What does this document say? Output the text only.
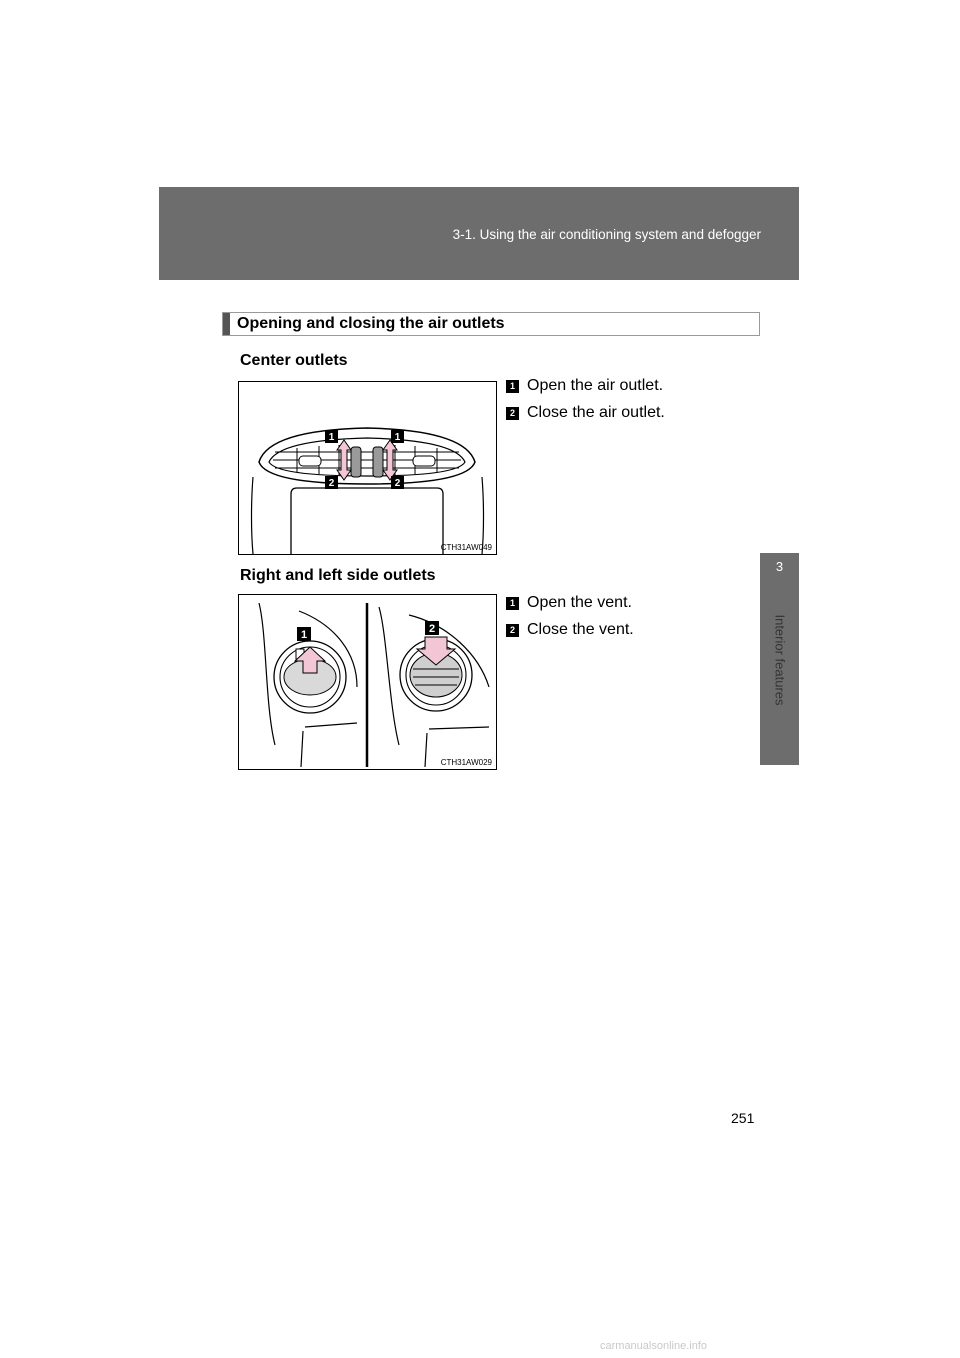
3-1. Using the air conditioning system and defogger
3
Interior features
Opening and closing the air outlets
Center outlets
1	1
2	2
CTH31AW049
1 Open the air outlet.
2 Close the air outlet.
Right and left side outlets
1	2
CTH31AW029
1 Open the vent.
2 Close the vent.
251
carmanualsonline.info
